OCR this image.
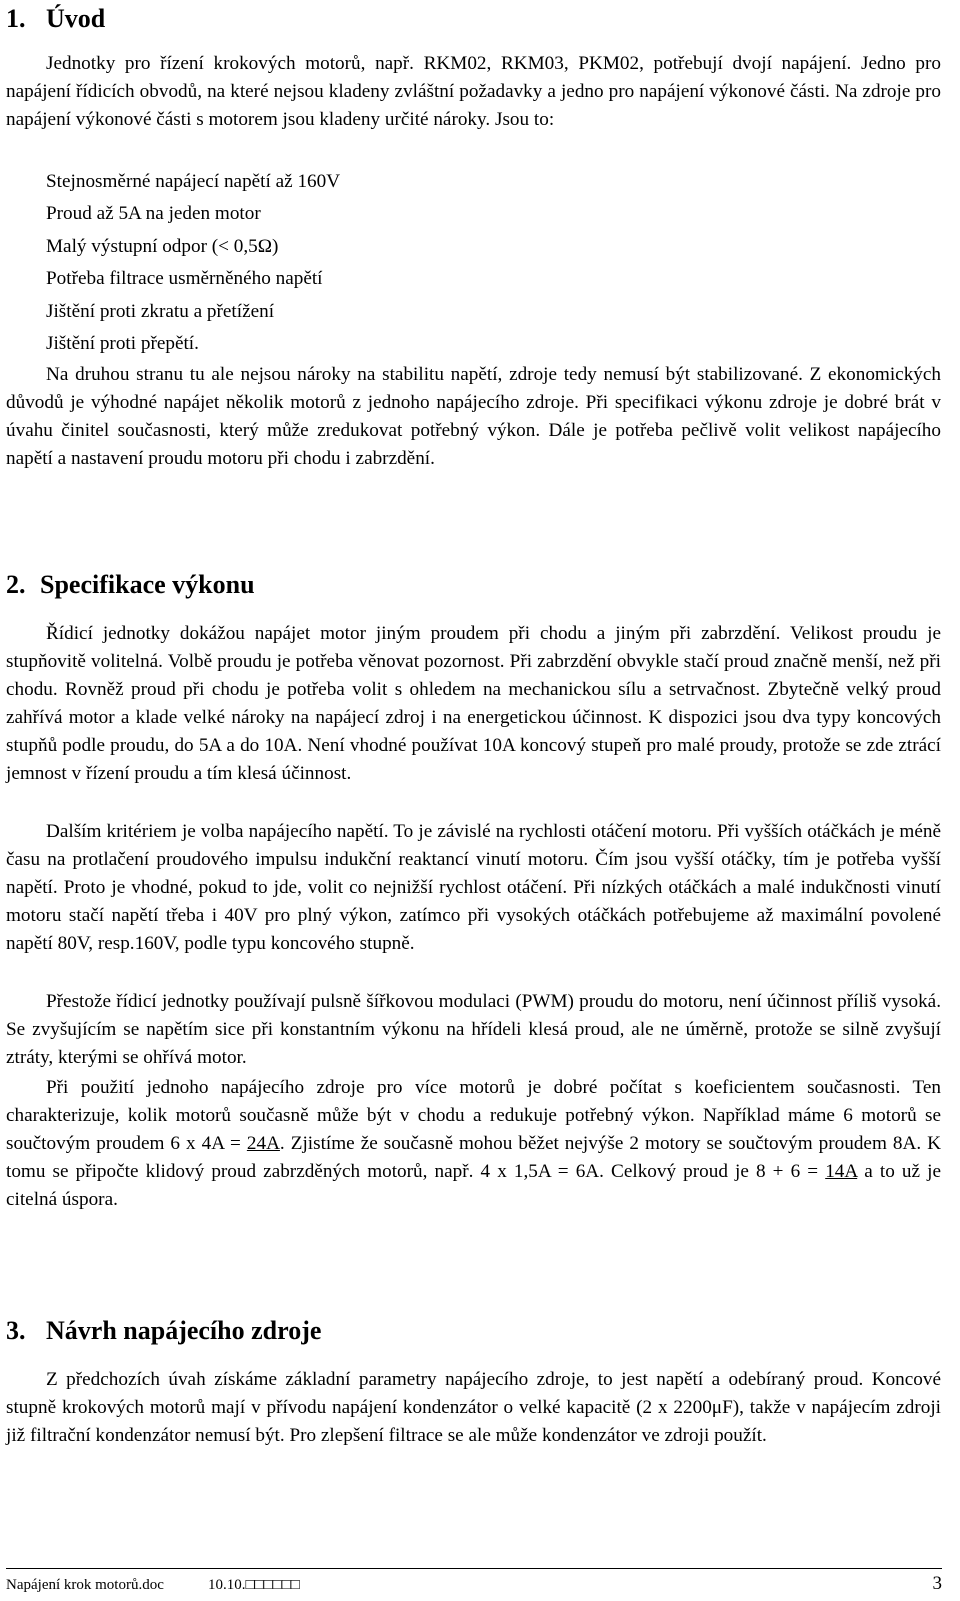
1. Úvod

Jednotky pro řízení krokových motorů, např. RKM02, RKM03, PKM02, potřebují dvojí napájení. Jedno pro napájení řídicích obvodů, na které nejsou kladeny zvláštní požadavky a jedno pro napájení výkonové části. Na zdroje pro napájení výkonové části s motorem jsou kladeny určité nároky. Jsou to:

Stejnosměrné napájecí napětí až 160V
Proud až 5A na jeden motor
Malý výstupní odpor (< 0,5Ω)
Potřeba filtrace usměrněného napětí
Jištění proti zkratu a přetížení
Jištění proti přepětí.

Na druhou stranu tu ale nejsou nároky na stabilitu napětí, zdroje tedy nemusí být stabilizované. Z ekonomických důvodů je výhodné napájet několik motorů z jednoho napájecího zdroje. Při specifikaci výkonu zdroje je dobré brát v úvahu činitel současnosti, který může zredukovat potřebný výkon. Dále je potřeba pečlivě volit velikost napájecího napětí a nastavení proudu motoru při chodu i zabrzdění.

2. Specifikace výkonu

Řídicí jednotky dokážou napájet motor jiným proudem při chodu a jiným při zabrzdění. Velikost proudu je stupňovitě volitelná. Volbě proudu je potřeba věnovat pozornost. Při zabrzdění obvykle stačí proud značně menší, než při chodu. Rovněž proud při chodu je potřeba volit s ohledem na mechanickou sílu a setrvačnost. Zbytečně velký proud zahřívá motor a klade velké nároky na napájecí zdroj i na energetickou účinnost. K dispozici jsou dva typy koncových stupňů podle proudu, do 5A a do 10A. Není vhodné používat 10A koncový stupeň pro malé proudy, protože se zde ztrácí jemnost v řízení proudu a tím klesá účinnost.

Dalším kritériem je volba napájecího napětí. To je závislé na rychlosti otáčení motoru. Při vyšších otáčkách je méně času na protlačení proudového impulsu indukční reaktancí vinutí motoru. Čím jsou vyšší otáčky, tím je potřeba vyšší napětí. Proto je vhodné, pokud to jde, volit co nejnižší rychlost otáčení. Při nízkých otáčkách a malé indukčnosti vinutí motoru stačí napětí třeba i 40V pro plný výkon, zatímco při vysokých otáčkách potřebujeme až maximální povolené napětí 80V, resp.160V, podle typu koncového stupně.

Přestože řídicí jednotky používají pulsně šířkovou modulaci (PWM) proudu do motoru, není účinnost příliš vysoká. Se zvyšujícím se napětím sice při konstantním výkonu na hřídeli klesá proud, ale ne úměrně, protože se silně zvyšují ztráty, kterými se ohřívá motor.

Při použití jednoho napájecího zdroje pro více motorů je dobré počítat s koeficientem současnosti. Ten charakterizuje, kolik motorů současně může být v chodu a redukuje potřebný výkon. Například máme 6 motorů se součtovým proudem 6 x 4A = 24A. Zjistíme že současně mohou běžet nejvýše 2 motory se součtovým proudem 8A. K tomu se připočte klidový proud zabrzděných motorů, např. 4 x 1,5A = 6A. Celkový proud je 8 + 6 = 14A a to už je citelná úspora.

3. Návrh napájecího zdroje

Z předchozích úvah získáme základní parametry napájecího zdroje, to jest napětí a odebíraný proud. Koncové stupně krokových motorů mají v přívodu napájení kondenzátor o velké kapacitě (2 x 2200μF), takže v napájecím zdroji již filtrační kondenzátor nemusí být. Pro zlepšení filtrace se ale může kondenzátor ve zdroji použít.

Napájení krok motorů.doc	10.10.□□□□□□	3
